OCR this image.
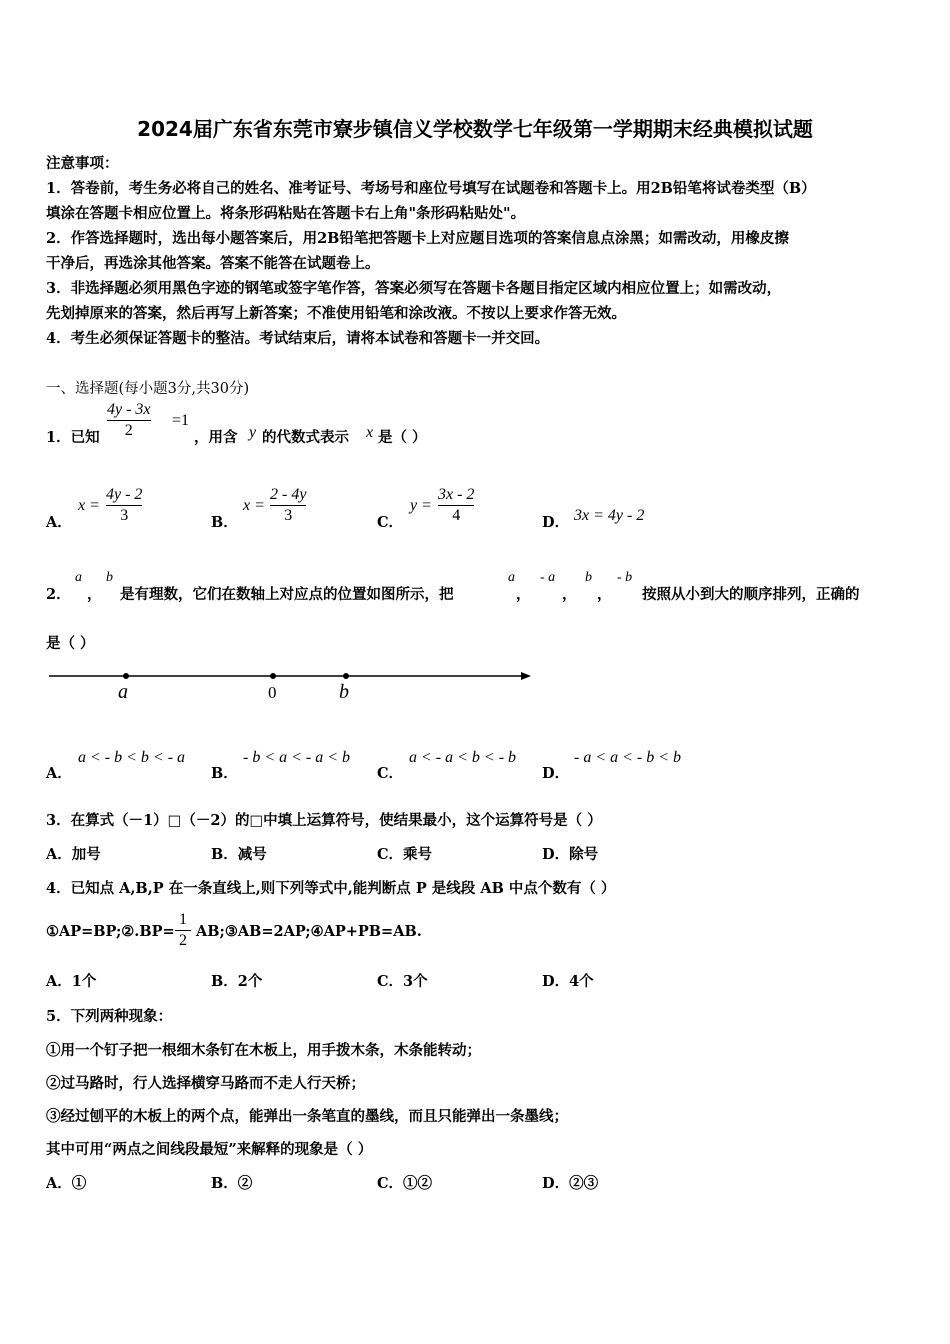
2024届广东省东莞市寮步镇信义学校数学七年级第一学期期末经典模拟试题
注意事项：
1．答卷前，考生务必将自己的姓名、准考证号、考场号和座位号填写在试题卷和答题卡上。用2B铅笔将试卷类型（B）
填涂在答题卡相应位置上。将条形码粘贴在答题卡右上角"条形码粘贴处"。
2．作答选择题时，选出每小题答案后，用2B铅笔把答题卡上对应题目选项的答案信息点涂黑；如需改动，用橡皮擦
干净后，再选涂其他答案。答案不能答在试题卷上。
3．非选择题必须用黑色字迹的钢笔或签字笔作答，答案必须写在答题卡各题目指定区域内相应位置上；如需改动，
先划掉原来的答案，然后再写上新答案；不准使用铅笔和涂改液。不按以上要求作答无效。
4．考生必须保证答题卡的整洁。考试结束后，请将本试卷和答题卡一并交回。
一、选择题(每小题3分,共30分)
1．已知
4y - 3x
2
=1
，用含 y 的代数式表示 x 是（ ）
A．
x =
4y - 2
3	B．
x =
2 - 4y
3	C．
y =
3x - 2
4	D． 3x = 4y - 2
2．
a
，
b
是有理数，它们在数轴上对应点的位置如图所示，把
a
，
- a
，
b
，
- b
按照从小到大的顺序排列，正确的
是（ ）
a	0	b
A．
a < - b < b < - a
B．
- b < a < - a < b
C．
a < - a < b < - b
D．
- a < a < - b < b
3．在算式（－1）□（－2）的□中填上运算符号，使结果最小，这个运算符号是（ ）
A．加号	B．减号	C．乘号	D．除号
4．已知点 A,B,P 在一条直线上,则下列等式中,能判断点 P 是线段 AB 中点个数有（ ）
①AP=BP;②.BP=
1
2
AB;③AB=2AP;④AP+PB=AB.
A．1个	B．2个	C．3个	D．4个
5．下列两种现象：
①用一个钉子把一根细木条钉在木板上，用手拨木条，木条能转动；
②过马路时，行人选择横穿马路而不走人行天桥；
③经过刨平的木板上的两个点，能弹出一条笔直的墨线，而且只能弹出一条墨线；
其中可用“两点之间线段最短”来解释的现象是（ ）
A．①	B．②	C．①②	D．②③
